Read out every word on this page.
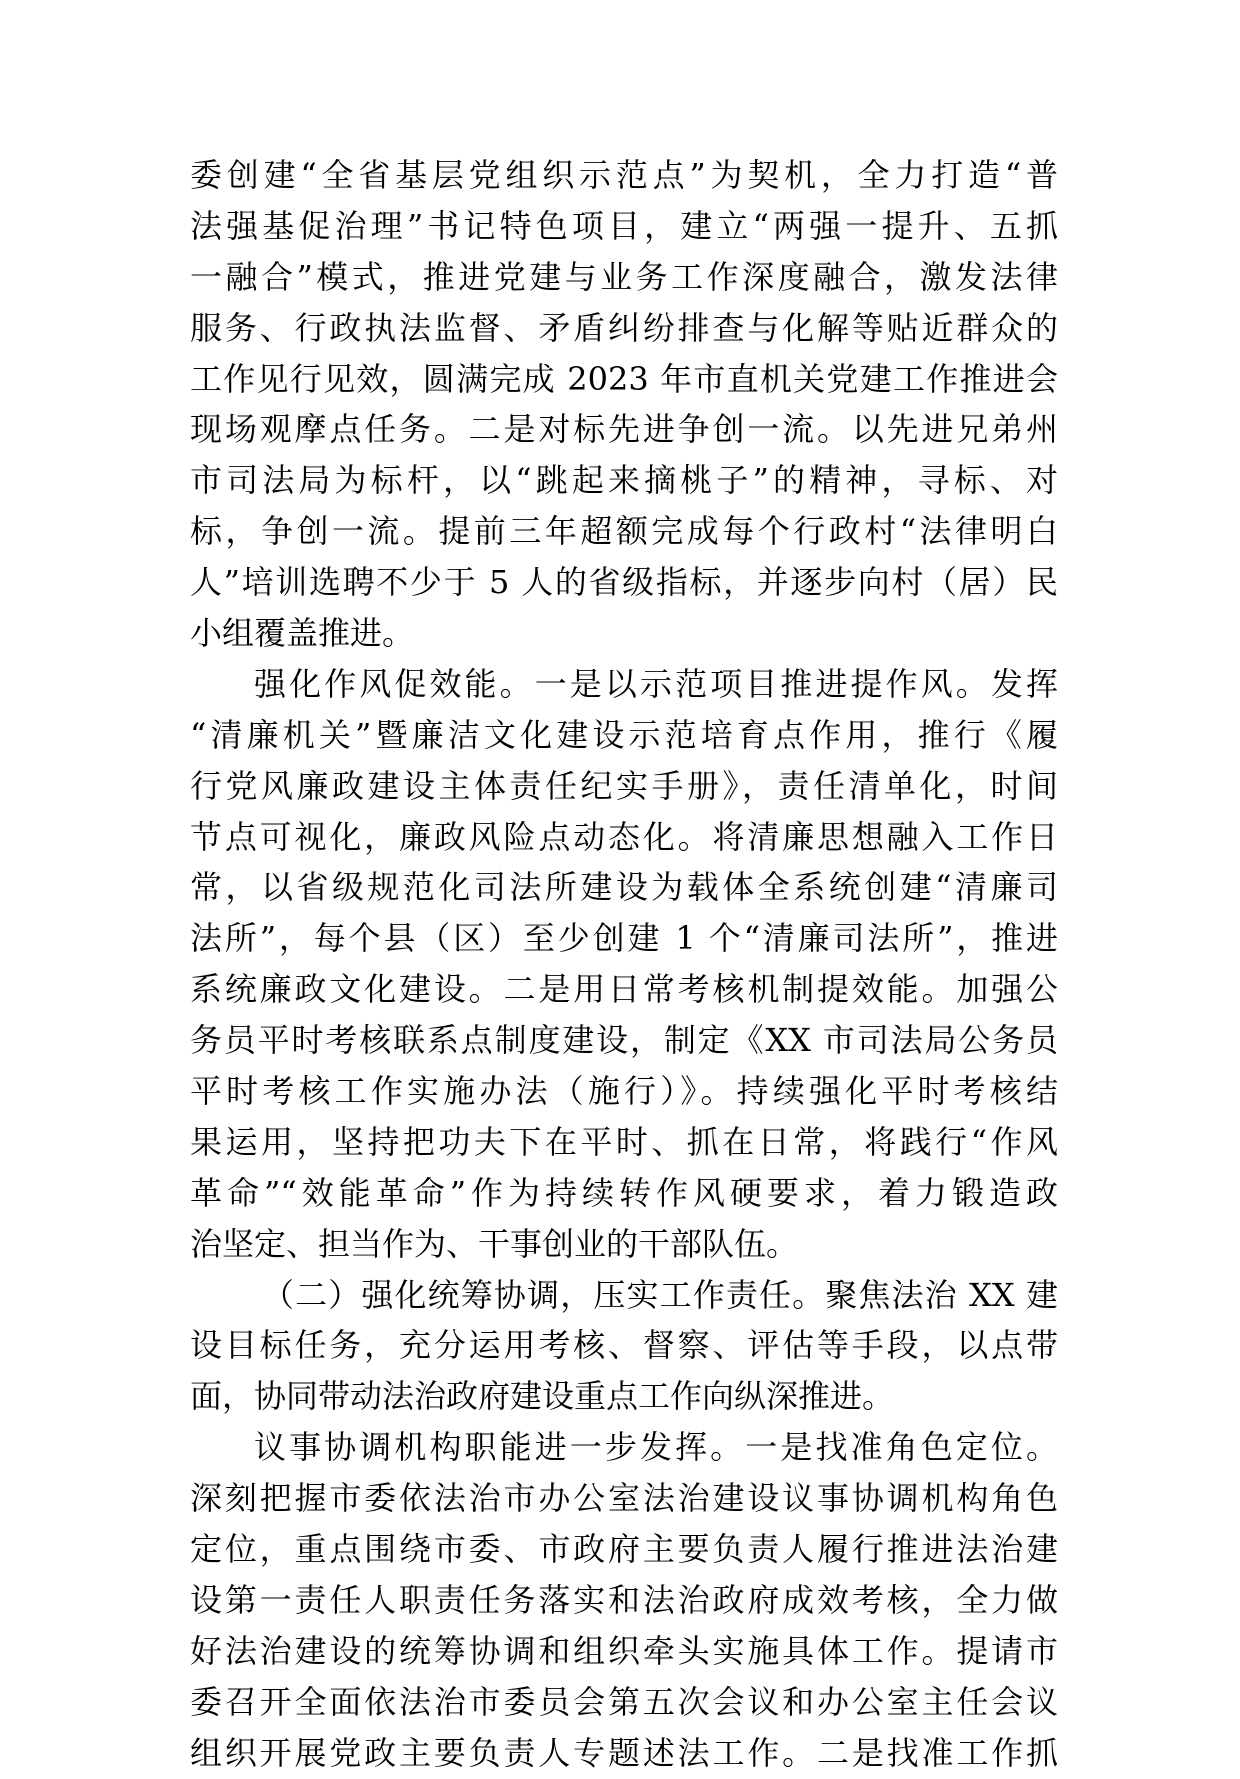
委创建“全省基层党组织示范点”为契机，全力打造“普
法强基促治理”书记特色项目，建立“两强一提升、五抓
一融合”模式，推进党建与业务工作深度融合，激发法律
服务、行政执法监督、矛盾纠纷排查与化解等贴近群众的
工作见行见效，圆满完成 2023 年市直机关党建工作推进会
现场观摩点任务。二是对标先进争创一流。以先进兄弟州
市司法局为标杆，以“跳起来摘桃子”的精神，寻标、对
标，争创一流。提前三年超额完成每个行政村“法律明白
人”培训选聘不少于 5 人的省级指标，并逐步向村（居）民
小组覆盖推进。
强化作风促效能。一是以示范项目推进提作风。发挥
“清廉机关”暨廉洁文化建设示范培育点作用，推行《履
行党风廉政建设主体责任纪实手册》，责任清单化，时间
节点可视化，廉政风险点动态化。将清廉思想融入工作日
常，以省级规范化司法所建设为载体全系统创建“清廉司
法所”，每个县（区）至少创建 1 个“清廉司法所”，推进
系统廉政文化建设。二是用日常考核机制提效能。加强公
务员平时考核联系点制度建设，制定《XX 市司法局公务员
平时考核工作实施办法（施行）》。持续强化平时考核结
果运用，坚持把功夫下在平时、抓在日常，将践行“作风
革命”“效能革命”作为持续转作风硬要求，着力锻造政
治坚定、担当作为、干事创业的干部队伍。
（二）强化统筹协调，压实工作责任。聚焦法治 XX 建
设目标任务，充分运用考核、督察、评估等手段，以点带
面，协同带动法治政府建设重点工作向纵深推进。
议事协调机构职能进一步发挥。一是找准角色定位。
深刻把握市委依法治市办公室法治建设议事协调机构角色
定位，重点围绕市委、市政府主要负责人履行推进法治建
设第一责任人职责任务落实和法治政府成效考核，全力做
好法治建设的统筹协调和组织牵头实施具体工作。提请市
委召开全面依法治市委员会第五次会议和办公室主任会议
组织开展党政主要负责人专题述法工作。二是找准工作抓
